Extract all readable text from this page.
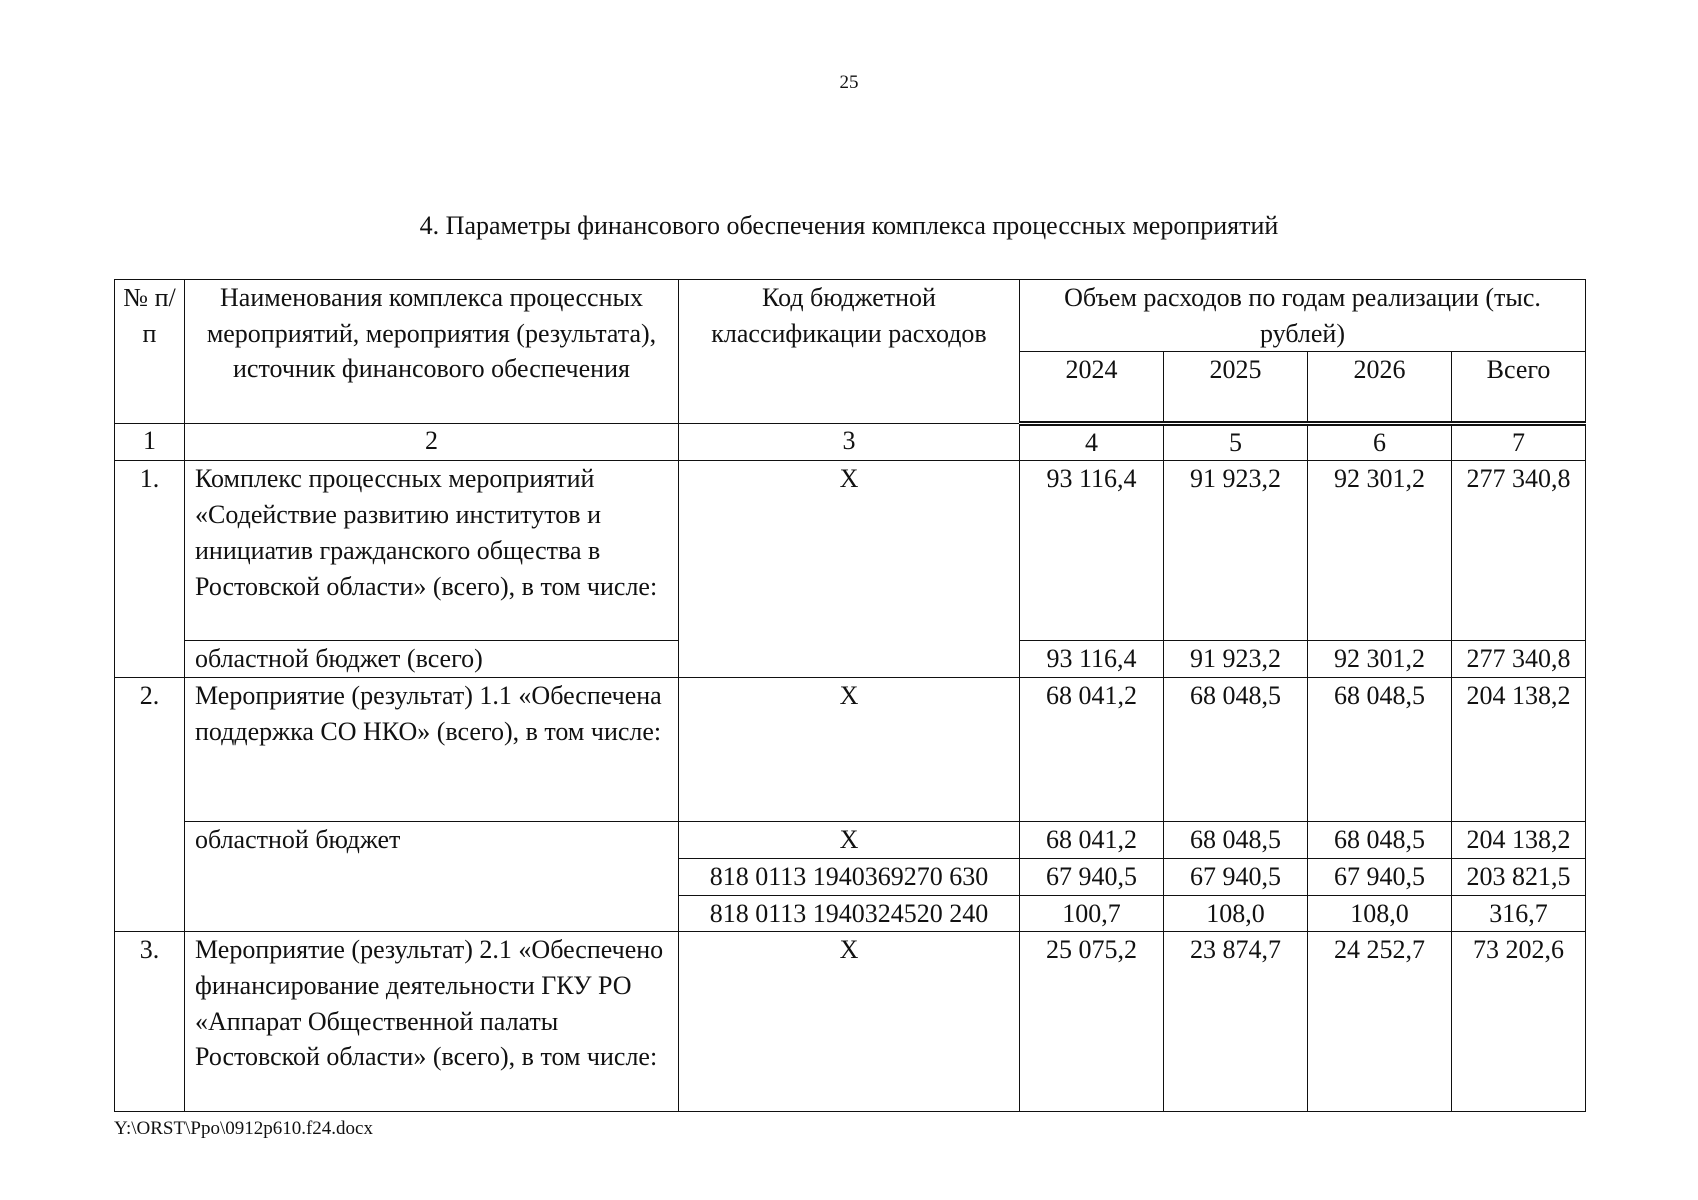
25
4. Параметры финансового обеспечения комплекса процессных мероприятий
№ п/п	Наименования комплекса процессных мероприятий, мероприятия (результата), источник финансового обеспечения	Код бюджетной классификации расходов	Объем расходов по годам реализации (тыс. рублей)			
			2024	2025	2026	Всего
1	2	3	4	5	6	7
1.	Комплекс процессных мероприятий «Содействие развитию институтов и инициатив гражданского общества в Ростовской области» (всего), в том числе:	X	93 116,4	91 923,2	92 301,2	277 340,8
	областной бюджет (всего)		93 116,4	91 923,2	92 301,2	277 340,8
2.	Мероприятие (результат) 1.1 «Обеспечена поддержка СО НКО» (всего), в том числе:	X	68 041,2	68 048,5	68 048,5	204 138,2
	областной бюджет	X	68 041,2	68 048,5	68 048,5	204 138,2
		818 0113 1940369270 630	67 940,5	67 940,5	67 940,5	203 821,5
		818 0113 1940324520 240	100,7	108,0	108,0	316,7
3.	Мероприятие (результат) 2.1 «Обеспечено финансирование деятельности ГКУ РО «Аппарат Общественной палаты Ростовской области» (всего), в том числе:	X	25 075,2	23 874,7	24 252,7	73 202,6
Y:\ORST\Ppo\0912p610.f24.docx
